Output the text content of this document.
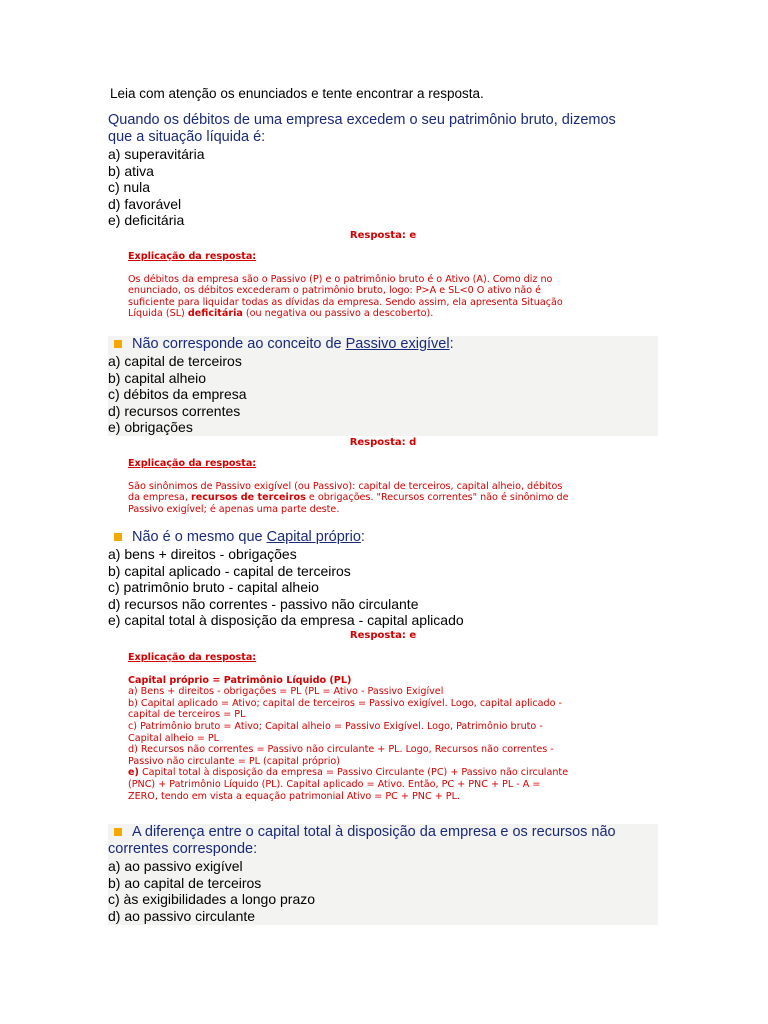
Leia com atenção os enunciados e tente encontrar a resposta.
Quando os débitos de uma empresa excedem o seu patrimônio bruto, dizemos
que a situação líquida é:
a) superavitária
b) ativa
c) nula
d) favorável
e) deficitária
Resposta: e
Explicação da resposta:
Os débitos da empresa são o Passivo (P) e o patrimônio bruto é o Ativo (A). Como diz no
enunciado, os débitos excederam o patrimônio bruto, logo: P>A e SL<0 O ativo não é
suficiente para liquidar todas as dívidas da empresa. Sendo assim, ela apresenta Situação
Líquida (SL) deficitária (ou negativa ou passivo a descoberto).
Não corresponde ao conceito de Passivo exigível:
a) capital de terceiros
b) capital alheio
c) débitos da empresa
d) recursos correntes
e) obrigações
Resposta: d
Explicação da resposta:
São sinônimos de Passivo exigível (ou Passivo): capital de terceiros, capital alheio, débitos
da empresa, recursos de terceiros e obrigações. "Recursos correntes" não é sinônimo de
Passivo exigível; é apenas uma parte deste.
Não é o mesmo que Capital próprio:
a) bens + direitos - obrigações
b) capital aplicado - capital de terceiros
c) patrimônio bruto - capital alheio
d) recursos não correntes - passivo não circulante
e) capital total à disposição da empresa - capital aplicado
Resposta: e
Explicação da resposta:
Capital próprio = Patrimônio Líquido (PL)
a) Bens + direitos - obrigações = PL (PL = Ativo - Passivo Exigível
b) Capital aplicado = Ativo; capital de terceiros = Passivo exigível. Logo, capital aplicado -
capital de terceiros = PL
c) Patrimônio bruto = Ativo; Capital alheio = Passivo Exigível. Logo, Patrimônio bruto -
Capital alheio = PL
d) Recursos não correntes = Passivo não circulante + PL. Logo, Recursos não correntes -
Passivo não circulante = PL (capital próprio)
e) Capital total à disposição da empresa = Passivo Circulante (PC) + Passivo não circulante
(PNC) + Patrimônio Líquido (PL). Capital aplicado = Ativo. Então, PC + PNC + PL - A =
ZERO, tendo em vista a equação patrimonial Ativo = PC + PNC + PL.
A diferença entre o capital total à disposição da empresa e os recursos não
correntes corresponde:
a) ao passivo exigível
b) ao capital de terceiros
c) às exigibilidades a longo prazo
d) ao passivo circulante
